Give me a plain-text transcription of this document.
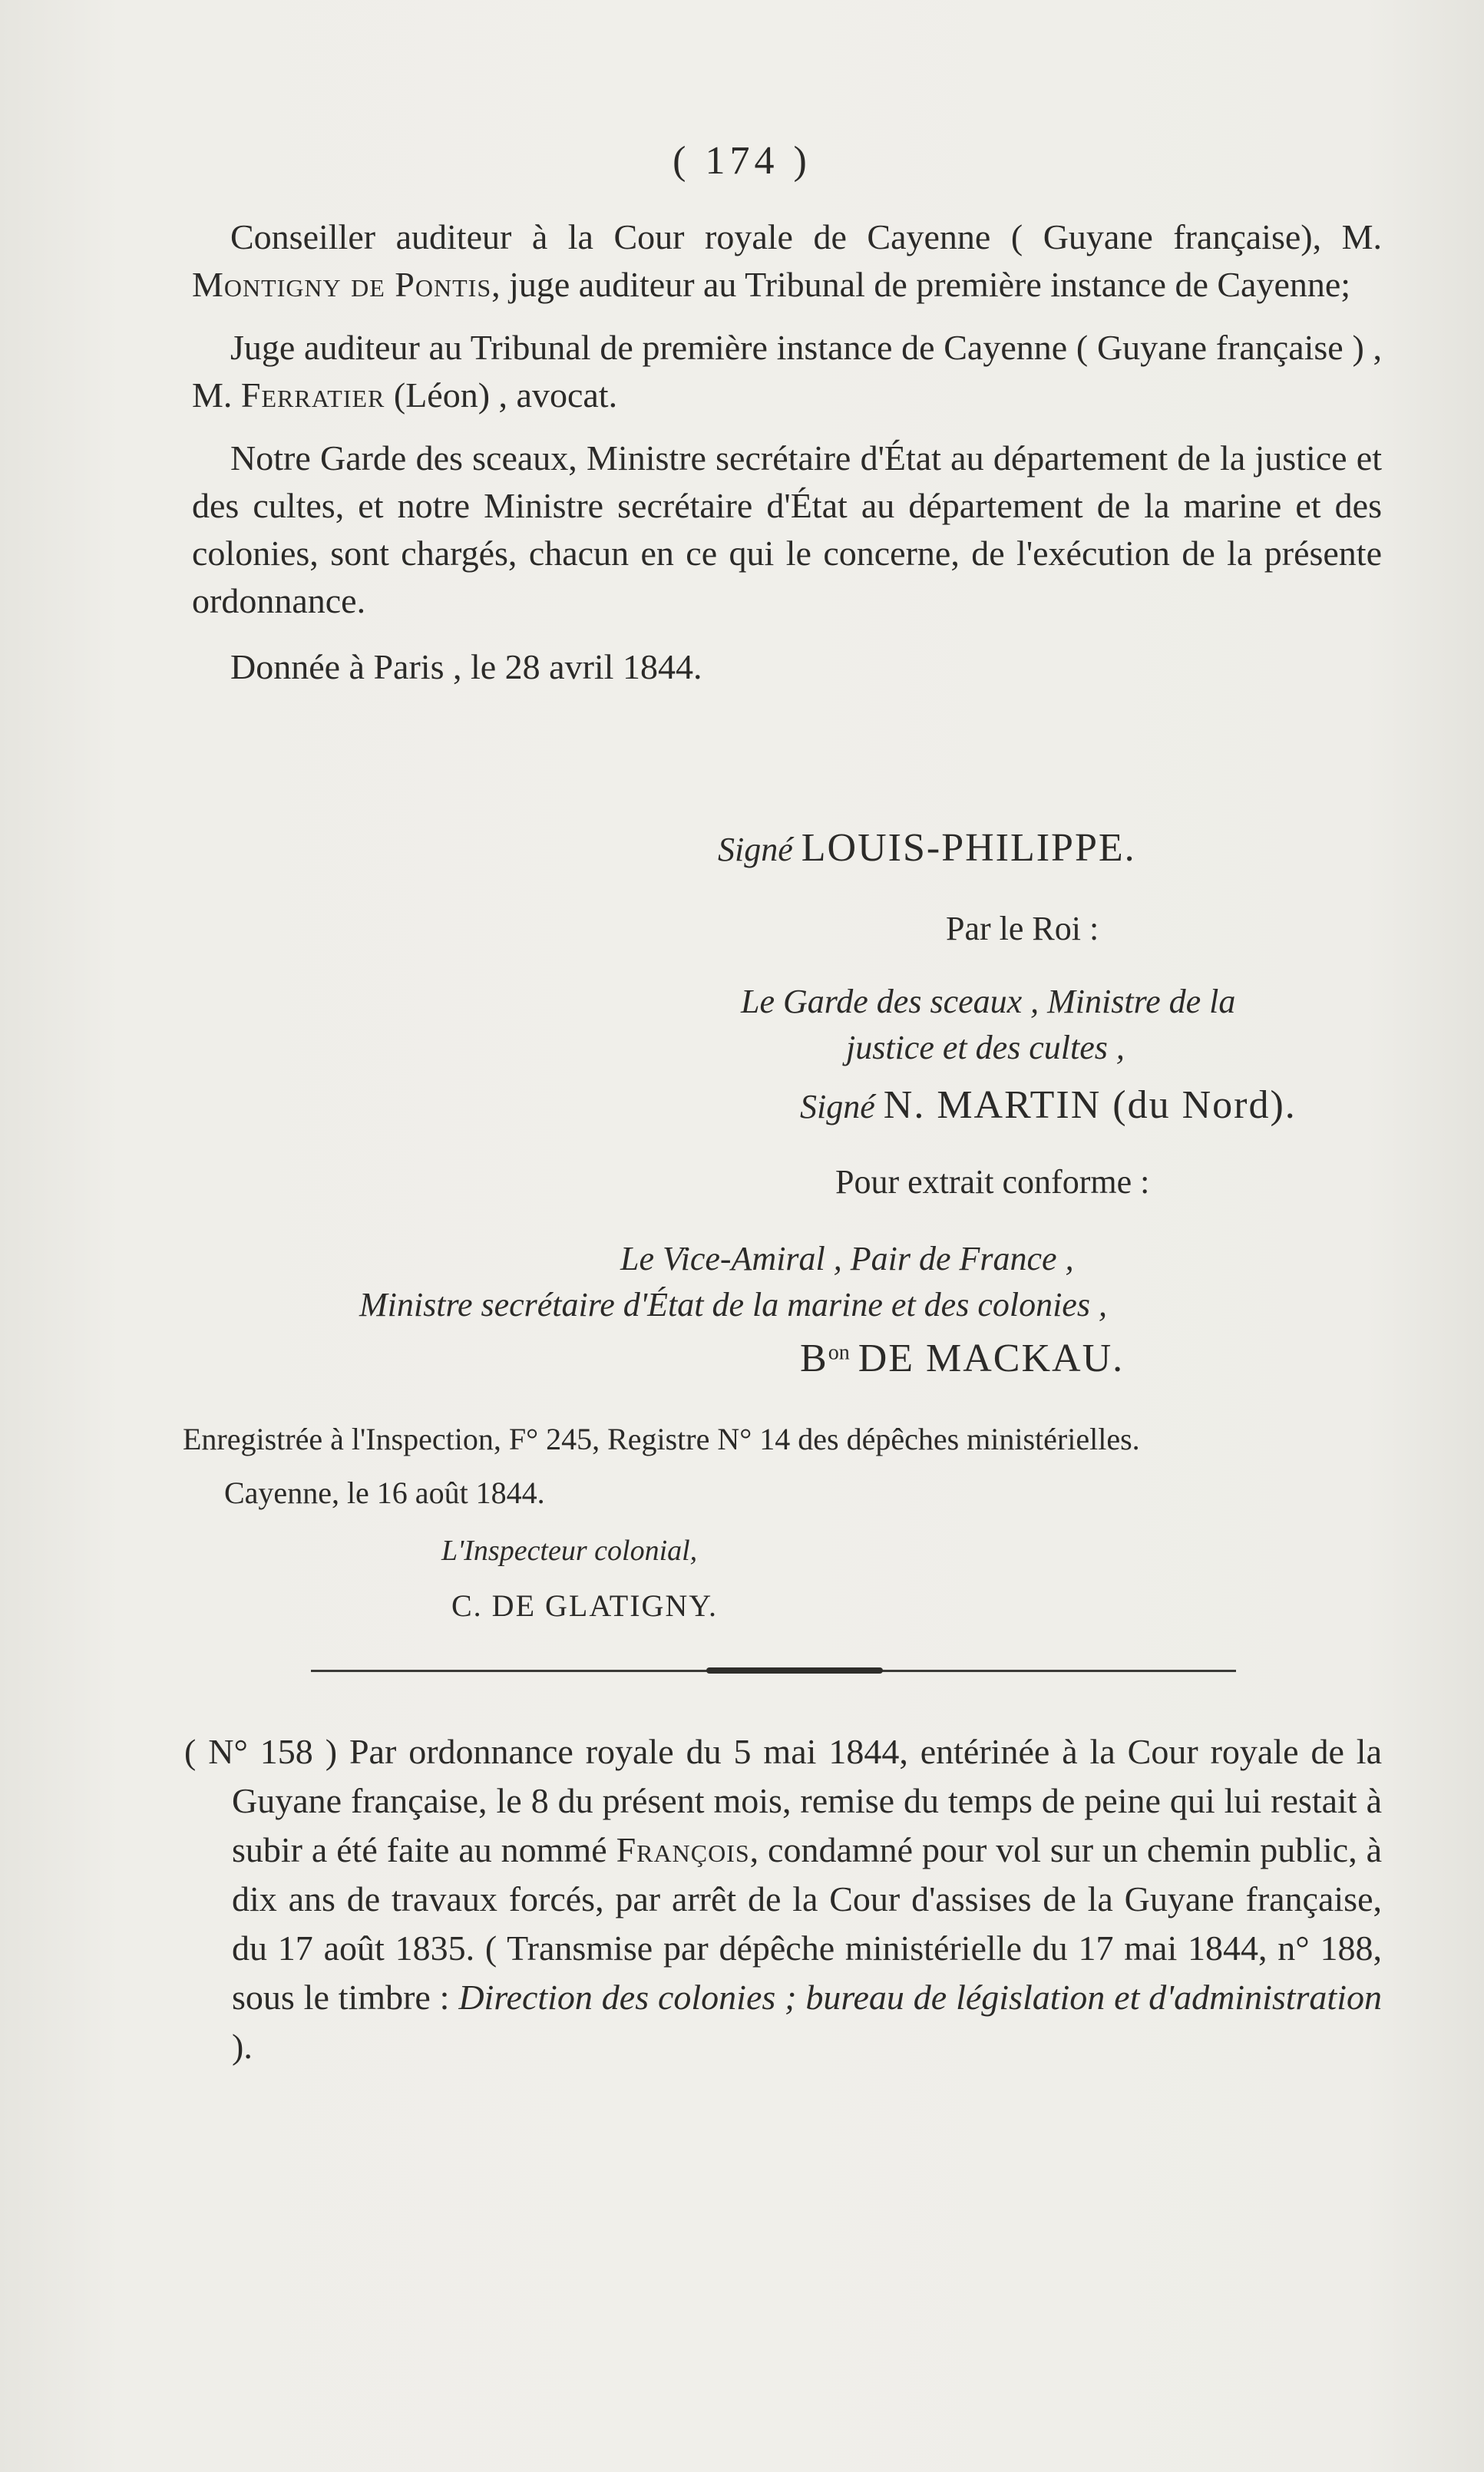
( 174 )

Conseiller auditeur à la Cour royale de Cayenne ( Guyane française), M. Montigny de Pontis, juge auditeur au Tribunal de première instance de Cayenne;

Juge auditeur au Tribunal de première instance de Cayenne ( Guyane française ) , M. Ferratier (Léon) , avocat.

Notre Garde des sceaux, Ministre secrétaire d'État au département de la justice et des cultes, et notre Ministre secrétaire d'État au département de la marine et des colonies, sont chargés, chacun en ce qui le concerne, de l'exécution de la présente ordonnance.

Donnée à Paris , le 28 avril 1844.

Signé LOUIS-PHILIPPE.
Par le Roi :
Le Garde des sceaux , Ministre de la
justice et des cultes ,
Signé N. MARTIN (du Nord).
Pour extrait conforme :
Le Vice-Amiral , Pair de France ,
Ministre secrétaire d'État de la marine et des colonies ,
$B^{on}$ DE MACKAU.
Enregistrée à l'Inspection, F° 245, Registre N° 14 des dépêches ministérielles.
Cayenne, le 16 août 1844.
L'Inspecteur colonial,
C. DE GLATIGNY.

( N° 158 ) Par ordonnance royale du 5 mai 1844, entérinée à la Cour royale de la Guyane française, le 8 du présent mois, remise du temps de peine qui lui restait à subir a été faite au nommé François, condamné pour vol sur un chemin public, à dix ans de travaux forcés, par arrêt de la Cour d'assises de la Guyane française, du 17 août 1835. ( Transmise par dépêche ministérielle du 17 mai 1844, n° 188, sous le timbre : Direction des colonies ; bureau de législation et d'administration ).
